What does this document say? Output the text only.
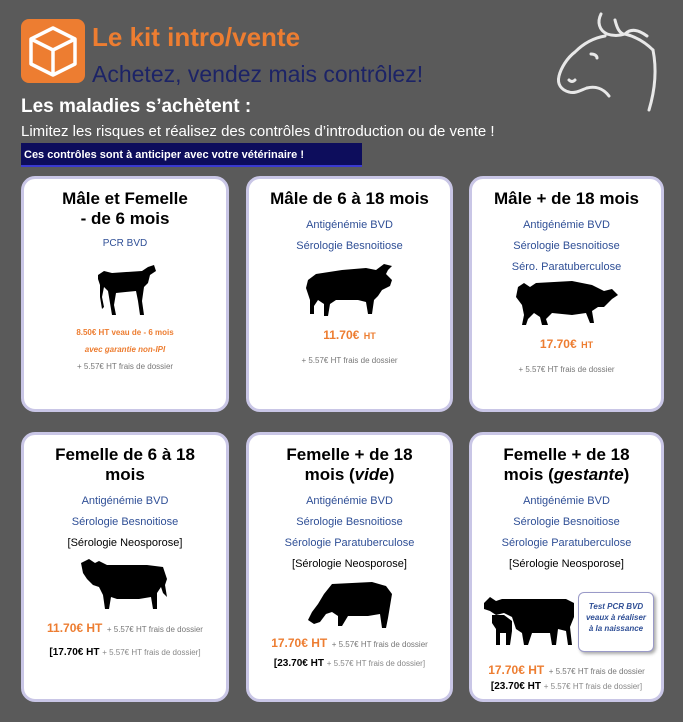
Le kit intro/vente
Achetez, vendez mais contrôlez!
Les maladies s’achètent :
Limitez les risques et réalisez des contrôles d’introduction ou de vente !
Ces contrôles sont à anticiper avec votre vétérinaire !
Mâle et Femelle
- de 6 mois
PCR BVD
8.50€ HT veau de - 6 mois
avec garantie non-IPI
+ 5.57€ HT frais de dossier
Mâle de 6 à 18 mois
Antigénémie BVD
Sérologie Besnoitiose
11.70€ HT
+ 5.57€ HT frais de dossier
Mâle + de 18 mois
Antigénémie BVD
Sérologie Besnoitiose
Séro. Paratuberculose
17.70€ HT
+ 5.57€ HT frais de dossier
Femelle de 6 à 18
mois
Antigénémie BVD
Sérologie Besnoitiose
[Sérologie Neosporose]
11.70€ HT + 5.57€ HT frais de dossier
[17.70€ HT + 5.57€ HT frais de dossier]
Femelle + de 18
mois (vide)
Antigénémie BVD
Sérologie Besnoitiose
Sérologie Paratuberculose
[Sérologie Neosporose]
17.70€ HT + 5.57€ HT frais de dossier
[23.70€ HT + 5.57€ HT frais de dossier]
Femelle + de 18
mois (gestante)
Antigénémie BVD
Sérologie Besnoitiose
Sérologie Paratuberculose
[Sérologie Neosporose]
17.70€ HT + 5.57€ HT frais de dossier
[23.70€ HT + 5.57€ HT frais de dossier]
Test PCR BVD
veaux à réaliser
à la naissance
